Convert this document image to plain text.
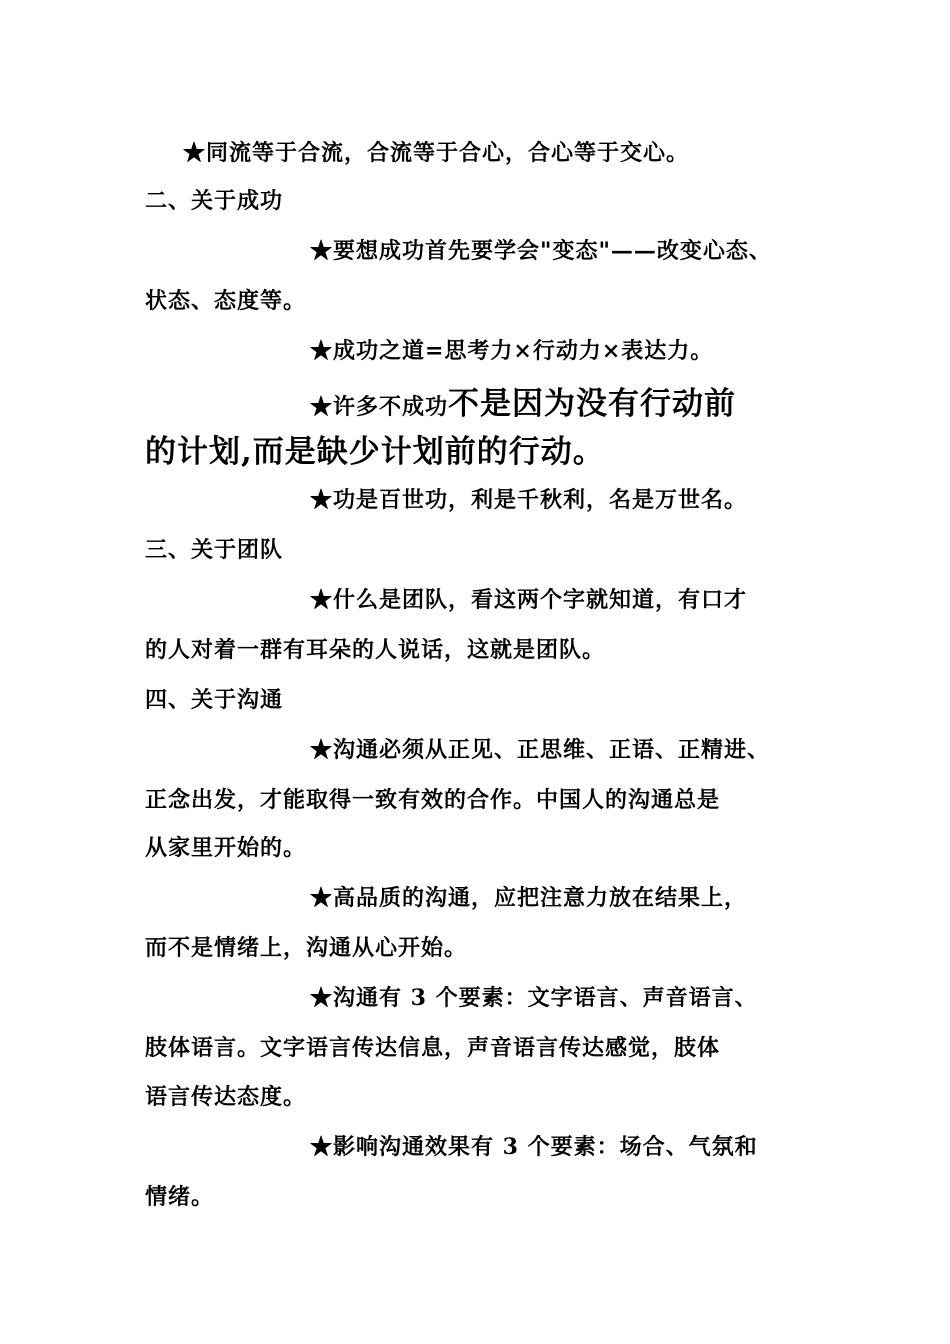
★同流等于合流，合流等于合心，合心等于交心。
二、关于成功
★要想成功首先要学会"变态"——改变心态、
状态、态度等。
★成功之道=思考力×行动力×表达力。
★许多不成功不是因为没有行动前
的计划,而是缺少计划前的行动。
★功是百世功，利是千秋利，名是万世名。
三、关于团队
★什么是团队，看这两个字就知道，有口才
的人对着一群有耳朵的人说话，这就是团队。
四、关于沟通
★沟通必须从正见、正思维、正语、正精进、
正念出发，才能取得一致有效的合作。中国人的沟通总是
从家里开始的。
★高品质的沟通，应把注意力放在结果上，
而不是情绪上，沟通从心开始。
★沟通有 3 个要素：文字语言、声音语言、
肢体语言。文字语言传达信息，声音语言传达感觉，肢体
语言传达态度。
★影响沟通效果有 3 个要素：场合、气氛和
情绪。
